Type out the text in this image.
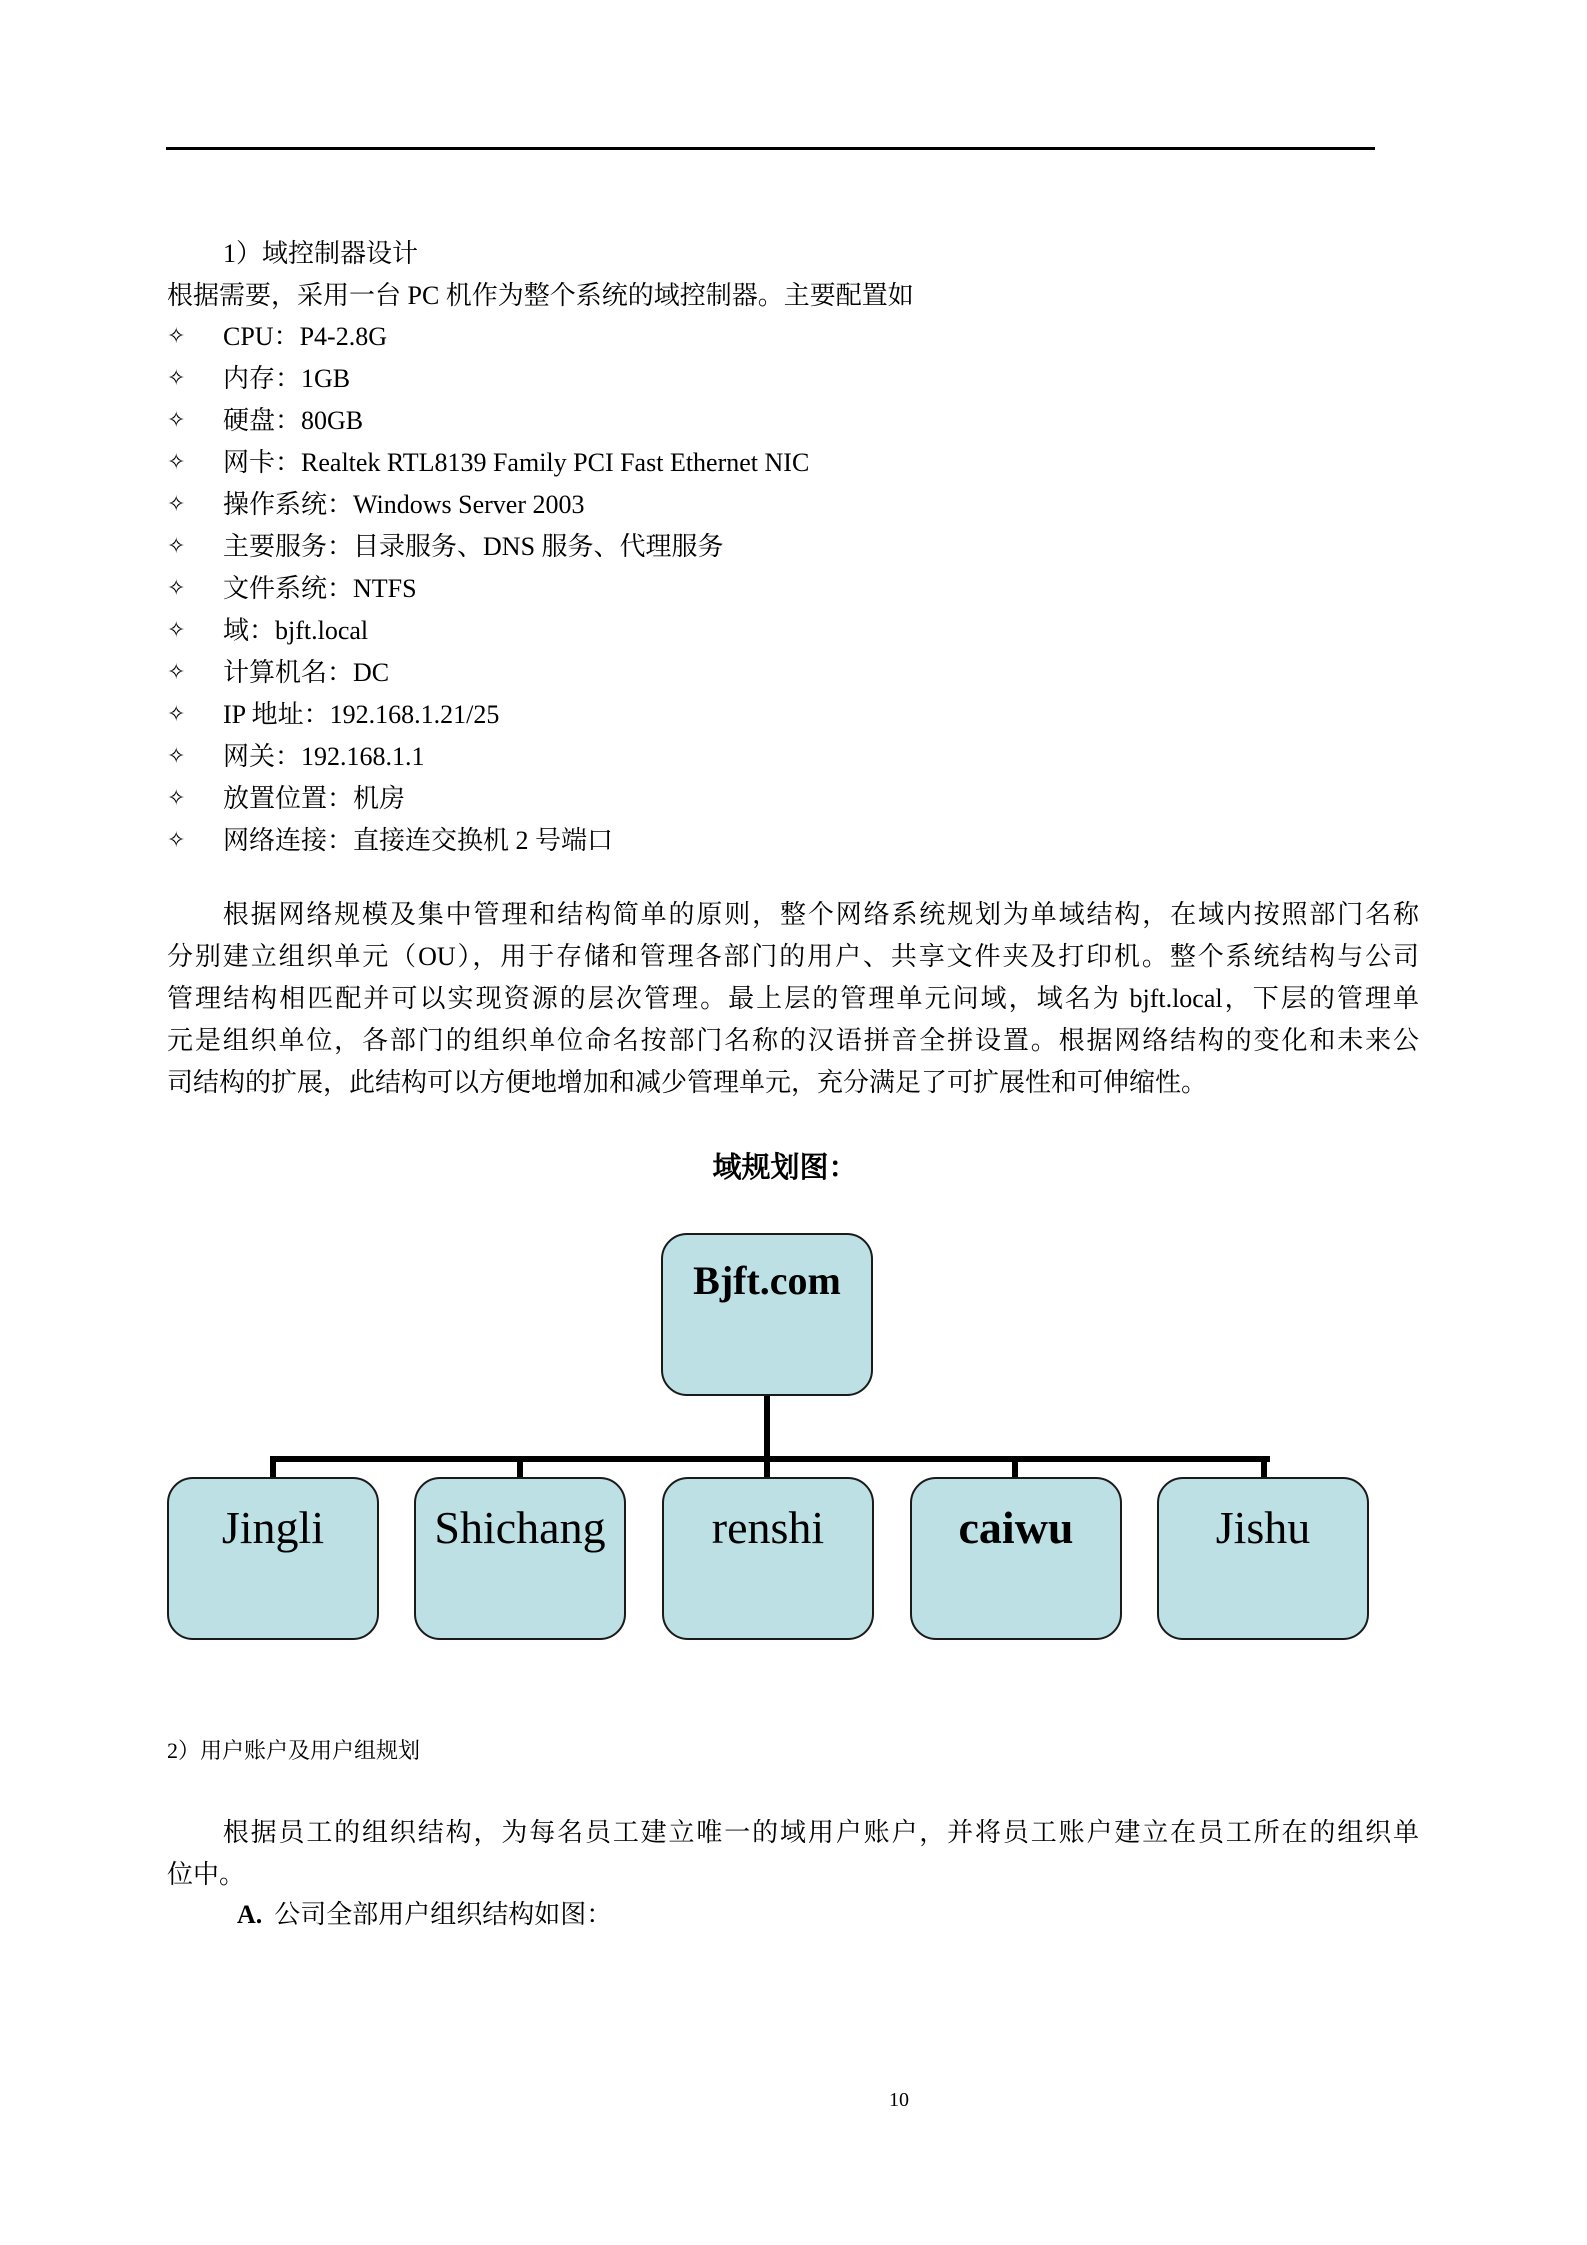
1）域控制器设计
根据需要，采用一台 PC 机作为整个系统的域控制器。主要配置如
✧ CPU：P4-2.8G
✧ 内存：1GB
✧ 硬盘：80GB
✧ 网卡：Realtek RTL8139 Family PCI Fast Ethernet NIC
✧ 操作系统：Windows Server 2003
✧ 主要服务：目录服务、DNS 服务、代理服务
✧ 文件系统：NTFS
✧ 域：bjft.local
✧ 计算机名：DC
✧ IP 地址：192.168.1.21/25
✧ 网关：192.168.1.1
✧ 放置位置：机房
✧ 网络连接：直接连交换机 2 号端口
　　根据网络规模及集中管理和结构简单的原则，整个网络系统规划为单域结构，在域内按照部门名称
分别建立组织单元（OU），用于存储和管理各部门的用户、共享文件夹及打印机。整个系统结构与公司
管理结构相匹配并可以实现资源的层次管理。最上层的管理单元问域，域名为 bjft.local，下层的管理单
元是组织单位，各部门的组织单位命名按部门名称的汉语拼音全拼设置。根据网络结构的变化和未来公
司结构的扩展，此结构可以方便地增加和减少管理单元，充分满足了可扩展性和可伸缩性。
域规划图：
Bjft.com
Jingli	Shichang	renshi	caiwu	Jishu
2）用户账户及用户组规划
　　根据员工的组织结构，为每名员工建立唯一的域用户账户，并将员工账户建立在员工所在的组织单
位中。
A. 公司全部用户组织结构如图：
10
